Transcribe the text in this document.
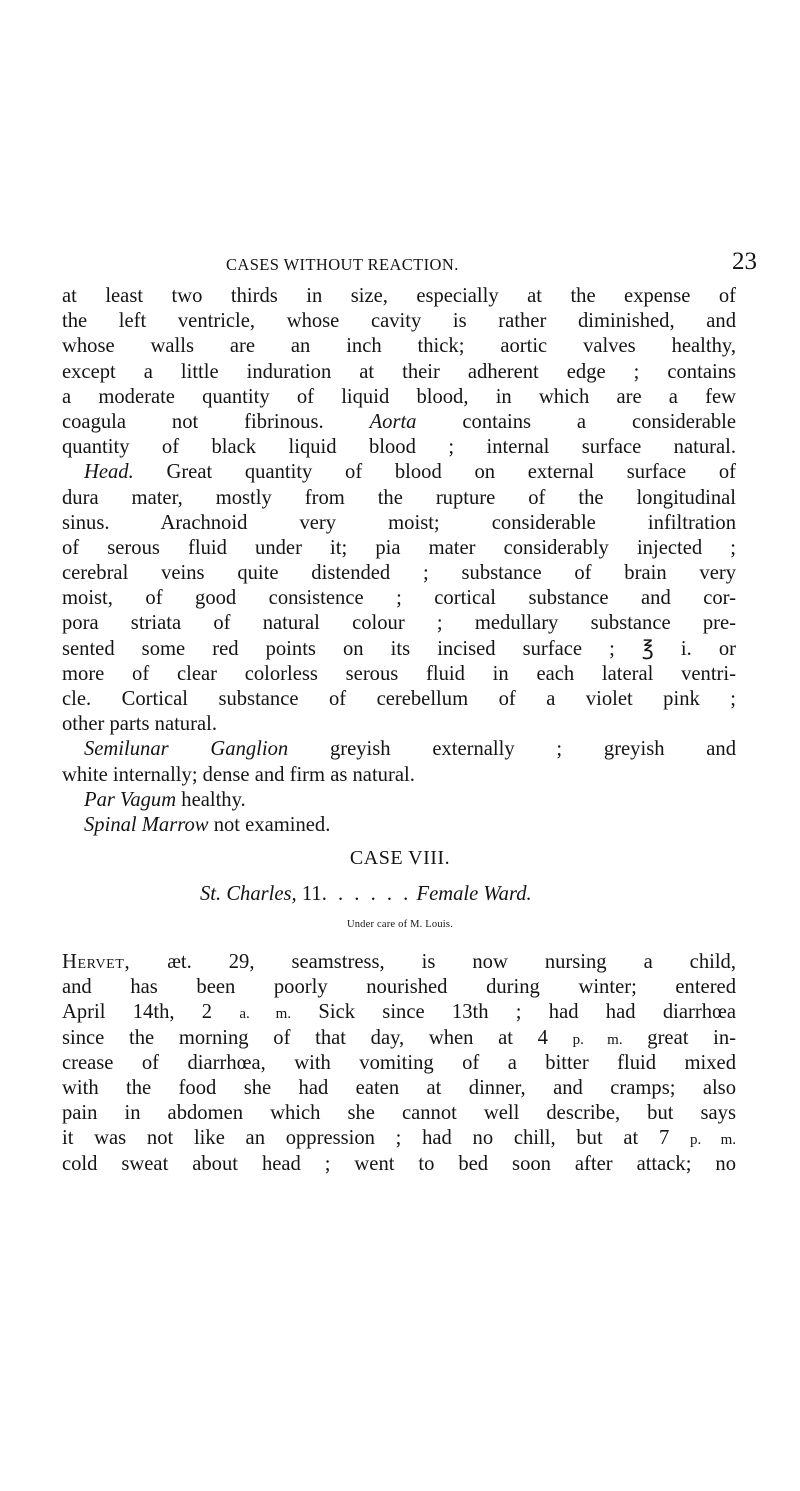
CASES WITHOUT REACTION.	23
at least two thirds in size, especially at the expense of
the left ventricle, whose cavity is rather diminished, and
whose walls are an inch thick; aortic valves healthy,
except a little induration at their adherent edge ; contains
a moderate quantity of liquid blood, in which are a few
coagula not fibrinous. Aorta contains a considerable
quantity of black liquid blood ; internal surface natural.
Head. Great quantity of blood on external surface of
dura mater, mostly from the rupture of the longitudinal
sinus. Arachnoid very moist; considerable infiltration
of serous fluid under it; pia mater considerably injected ;
cerebral veins quite distended ; substance of brain very
moist, of good consistence ; cortical substance and cor-
pora striata of natural colour ; medullary substance pre-
sented some red points on its incised surface ; ℥ i. or
more of clear colorless serous fluid in each lateral ventri-
cle. Cortical substance of cerebellum of a violet pink ;
other parts natural.
Semilunar Ganglion greyish externally ; greyish and
white internally; dense and firm as natural.
Par Vagum healthy.
Spinal Marrow not examined.
CASE VIII.
St. Charles, 11. . . . . . Female Ward.
Under care of M. Louis.
Hervet, æt. 29, seamstress, is now nursing a child,
and has been poorly nourished during winter; entered
April 14th, 2 a. m. Sick since 13th ; had had diarrhœa
since the morning of that day, when at 4 p. m. great in-
crease of diarrhœa, with vomiting of a bitter fluid mixed
with the food she had eaten at dinner, and cramps; also
pain in abdomen which she cannot well describe, but says
it was not like an oppression ; had no chill, but at 7 p. m.
cold sweat about head ; went to bed soon after attack; no
